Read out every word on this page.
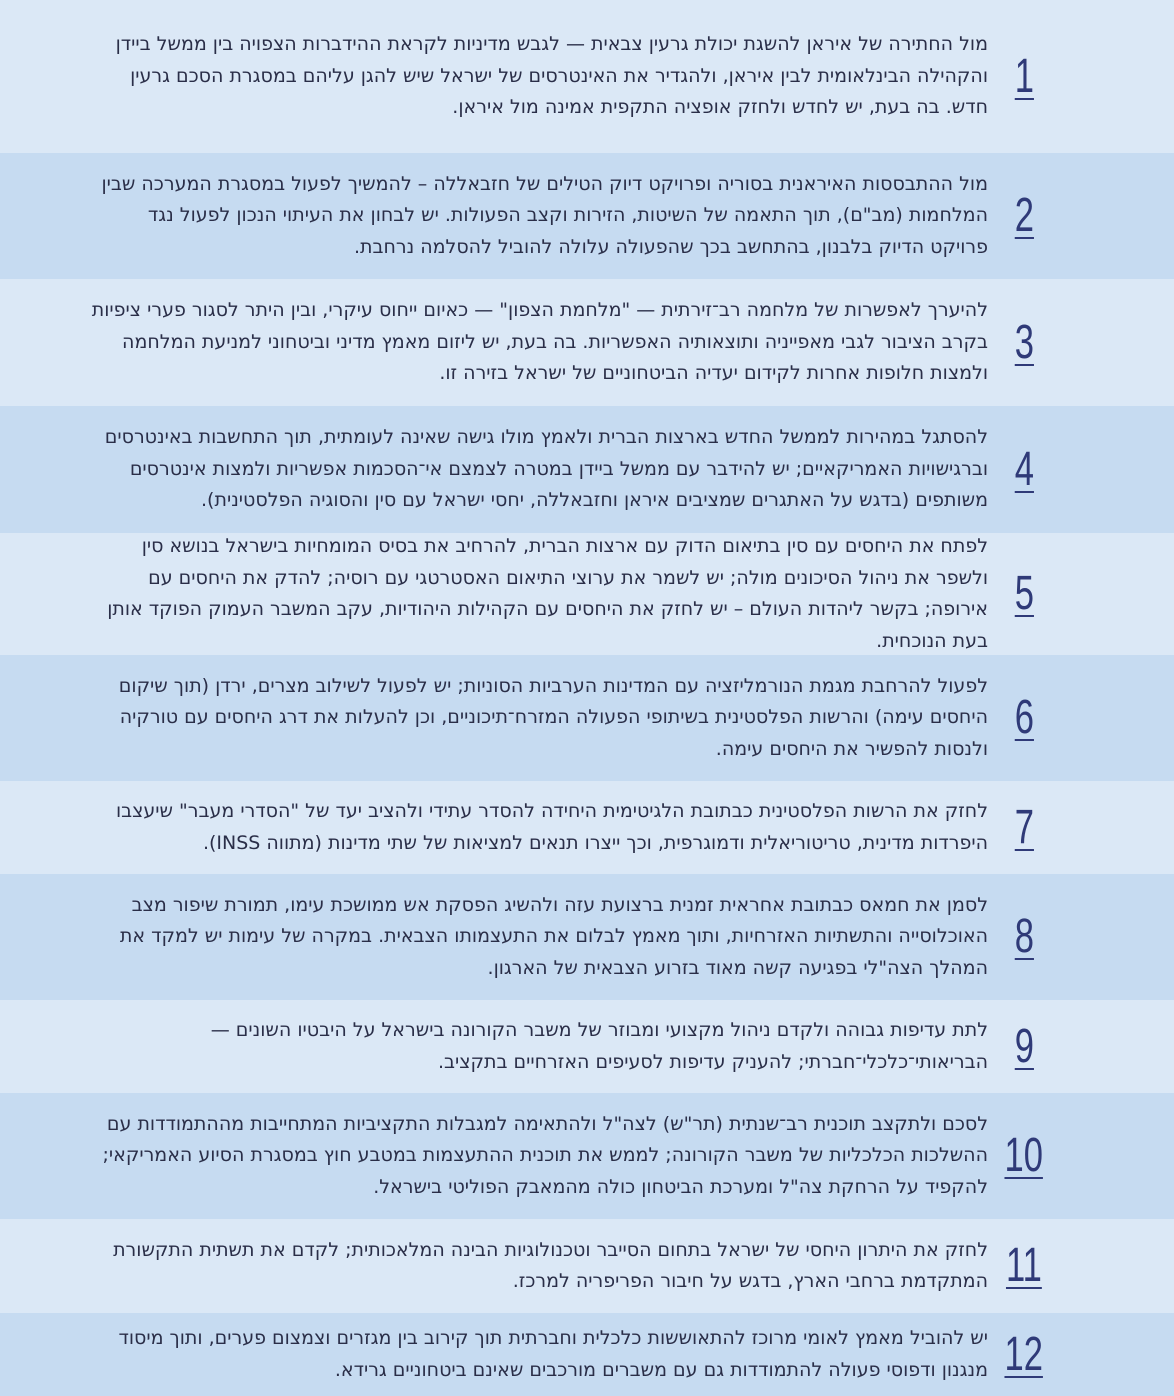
1

מול החתירה של איראן להשגת יכולת גרעין צבאית — לגבש מדיניות לקראת ההידברות הצפויה בין ממשל ביידן והקהילה הבינלאומית לבין איראן, ולהגדיר את האינטרסים של ישראל שיש להגן עליהם במסגרת הסכם גרעין חדש. בה בעת, יש לחדש ולחזק אופציה התקפית אמינה מול איראן.

2

מול ההתבססות האיראנית בסוריה ופרויקט דיוק הטילים של חזבאללה – להמשיך לפעול במסגרת המערכה שבין המלחמות (מב"ם), תוך התאמה של השיטות, הזירות וקצב הפעולות. יש לבחון את העיתוי הנכון לפעול נגד פרויקט הדיוק בלבנון, בהתחשב בכך שהפעולה עלולה להוביל להסלמה נרחבת.

3

להיערך לאפשרות של מלחמה רב־זירתית — "מלחמת הצפון" — כאיום ייחוס עיקרי, ובין היתר לסגור פערי ציפיות בקרב הציבור לגבי מאפייניה ותוצאותיה האפשריות. בה בעת, יש ליזום מאמץ מדיני וביטחוני למניעת המלחמה ולמצות חלופות אחרות לקידום יעדיה הביטחוניים של ישראל בזירה זו.

4

להסתגל במהירות לממשל החדש בארצות הברית ולאמץ מולו גישה שאינה לעומתית, תוך התחשבות באינטרסים וברגישויות האמריקאיים; יש להידבר עם ממשל ביידן במטרה לצמצם אי־הסכמות אפשריות ולמצות אינטרסים משותפים (בדגש על האתגרים שמציבים איראן וחזבאללה, יחסי ישראל עם סין והסוגיה הפלסטינית).

5

לפתח את היחסים עם סין בתיאום הדוק עם ארצות הברית, להרחיב את בסיס המומחיות בישראל בנושא סין ולשפר את ניהול הסיכונים מולה; יש לשמר את ערוצי התיאום האסטרטגי עם רוסיה; להדק את היחסים עם אירופה; בקשר ליהדות העולם – יש לחזק את היחסים עם הקהילות היהודיות, עקב המשבר העמוק הפוקד אותן בעת הנוכחית.

6

לפעול להרחבת מגמת הנורמליזציה עם המדינות הערביות הסוניות; יש לפעול לשילוב מצרים, ירדן (תוך שיקום היחסים עימה) והרשות הפלסטינית בשיתופי הפעולה המזרח־תיכוניים, וכן להעלות את דרג היחסים עם טורקיה ולנסות להפשיר את היחסים עימה.

7

לחזק את הרשות הפלסטינית כבתובת הלגיטימית היחידה להסדר עתידי ולהציב יעד של "הסדרי מעבר" שיעצבו היפרדות מדינית, טריטוריאלית ודמוגרפית, וכך ייצרו תנאים למציאות של שתי מדינות (מתווה INSS).

8

לסמן את חמאס כבתובת אחראית זמנית ברצועת עזה ולהשיג הפסקת אש ממושכת עימו, תמורת שיפור מצב האוכלוסייה והתשתיות האזרחיות, ותוך מאמץ לבלום את התעצמותו הצבאית. במקרה של עימות יש למקד את המהלך הצה"לי בפגיעה קשה מאוד בזרוע הצבאית של הארגון.

9

לתת עדיפות גבוהה ולקדם ניהול מקצועי ומבוזר של משבר הקורונה בישראל על היבטיו השונים — הבריאותי־כלכלי־חברתי; להעניק עדיפות לסעיפים האזרחיים בתקציב.

10

לסכם ולתקצב תוכנית רב־שנתית (תר"ש) לצה"ל ולהתאימה למגבלות התקציביות המתחייבות מההתמודדות עם ההשלכות הכלכליות של משבר הקורונה; לממש את תוכנית ההתעצמות במטבע חוץ במסגרת הסיוע האמריקאי; להקפיד על הרחקת צה"ל ומערכת הביטחון כולה מהמאבק הפוליטי בישראל.

11

לחזק את היתרון היחסי של ישראל בתחום הסייבר וטכנולוגיות הבינה המלאכותית; לקדם את תשתית התקשורת המתקדמת ברחבי הארץ, בדגש על חיבור הפריפריה למרכז.

12

יש להוביל מאמץ לאומי מרוכז להתאוששות כלכלית וחברתית תוך קירוב בין מגזרים וצמצום פערים, ותוך מיסוד מנגנון ודפוסי פעולה להתמודדות גם עם משברים מורכבים שאינם ביטחוניים גרידא.
